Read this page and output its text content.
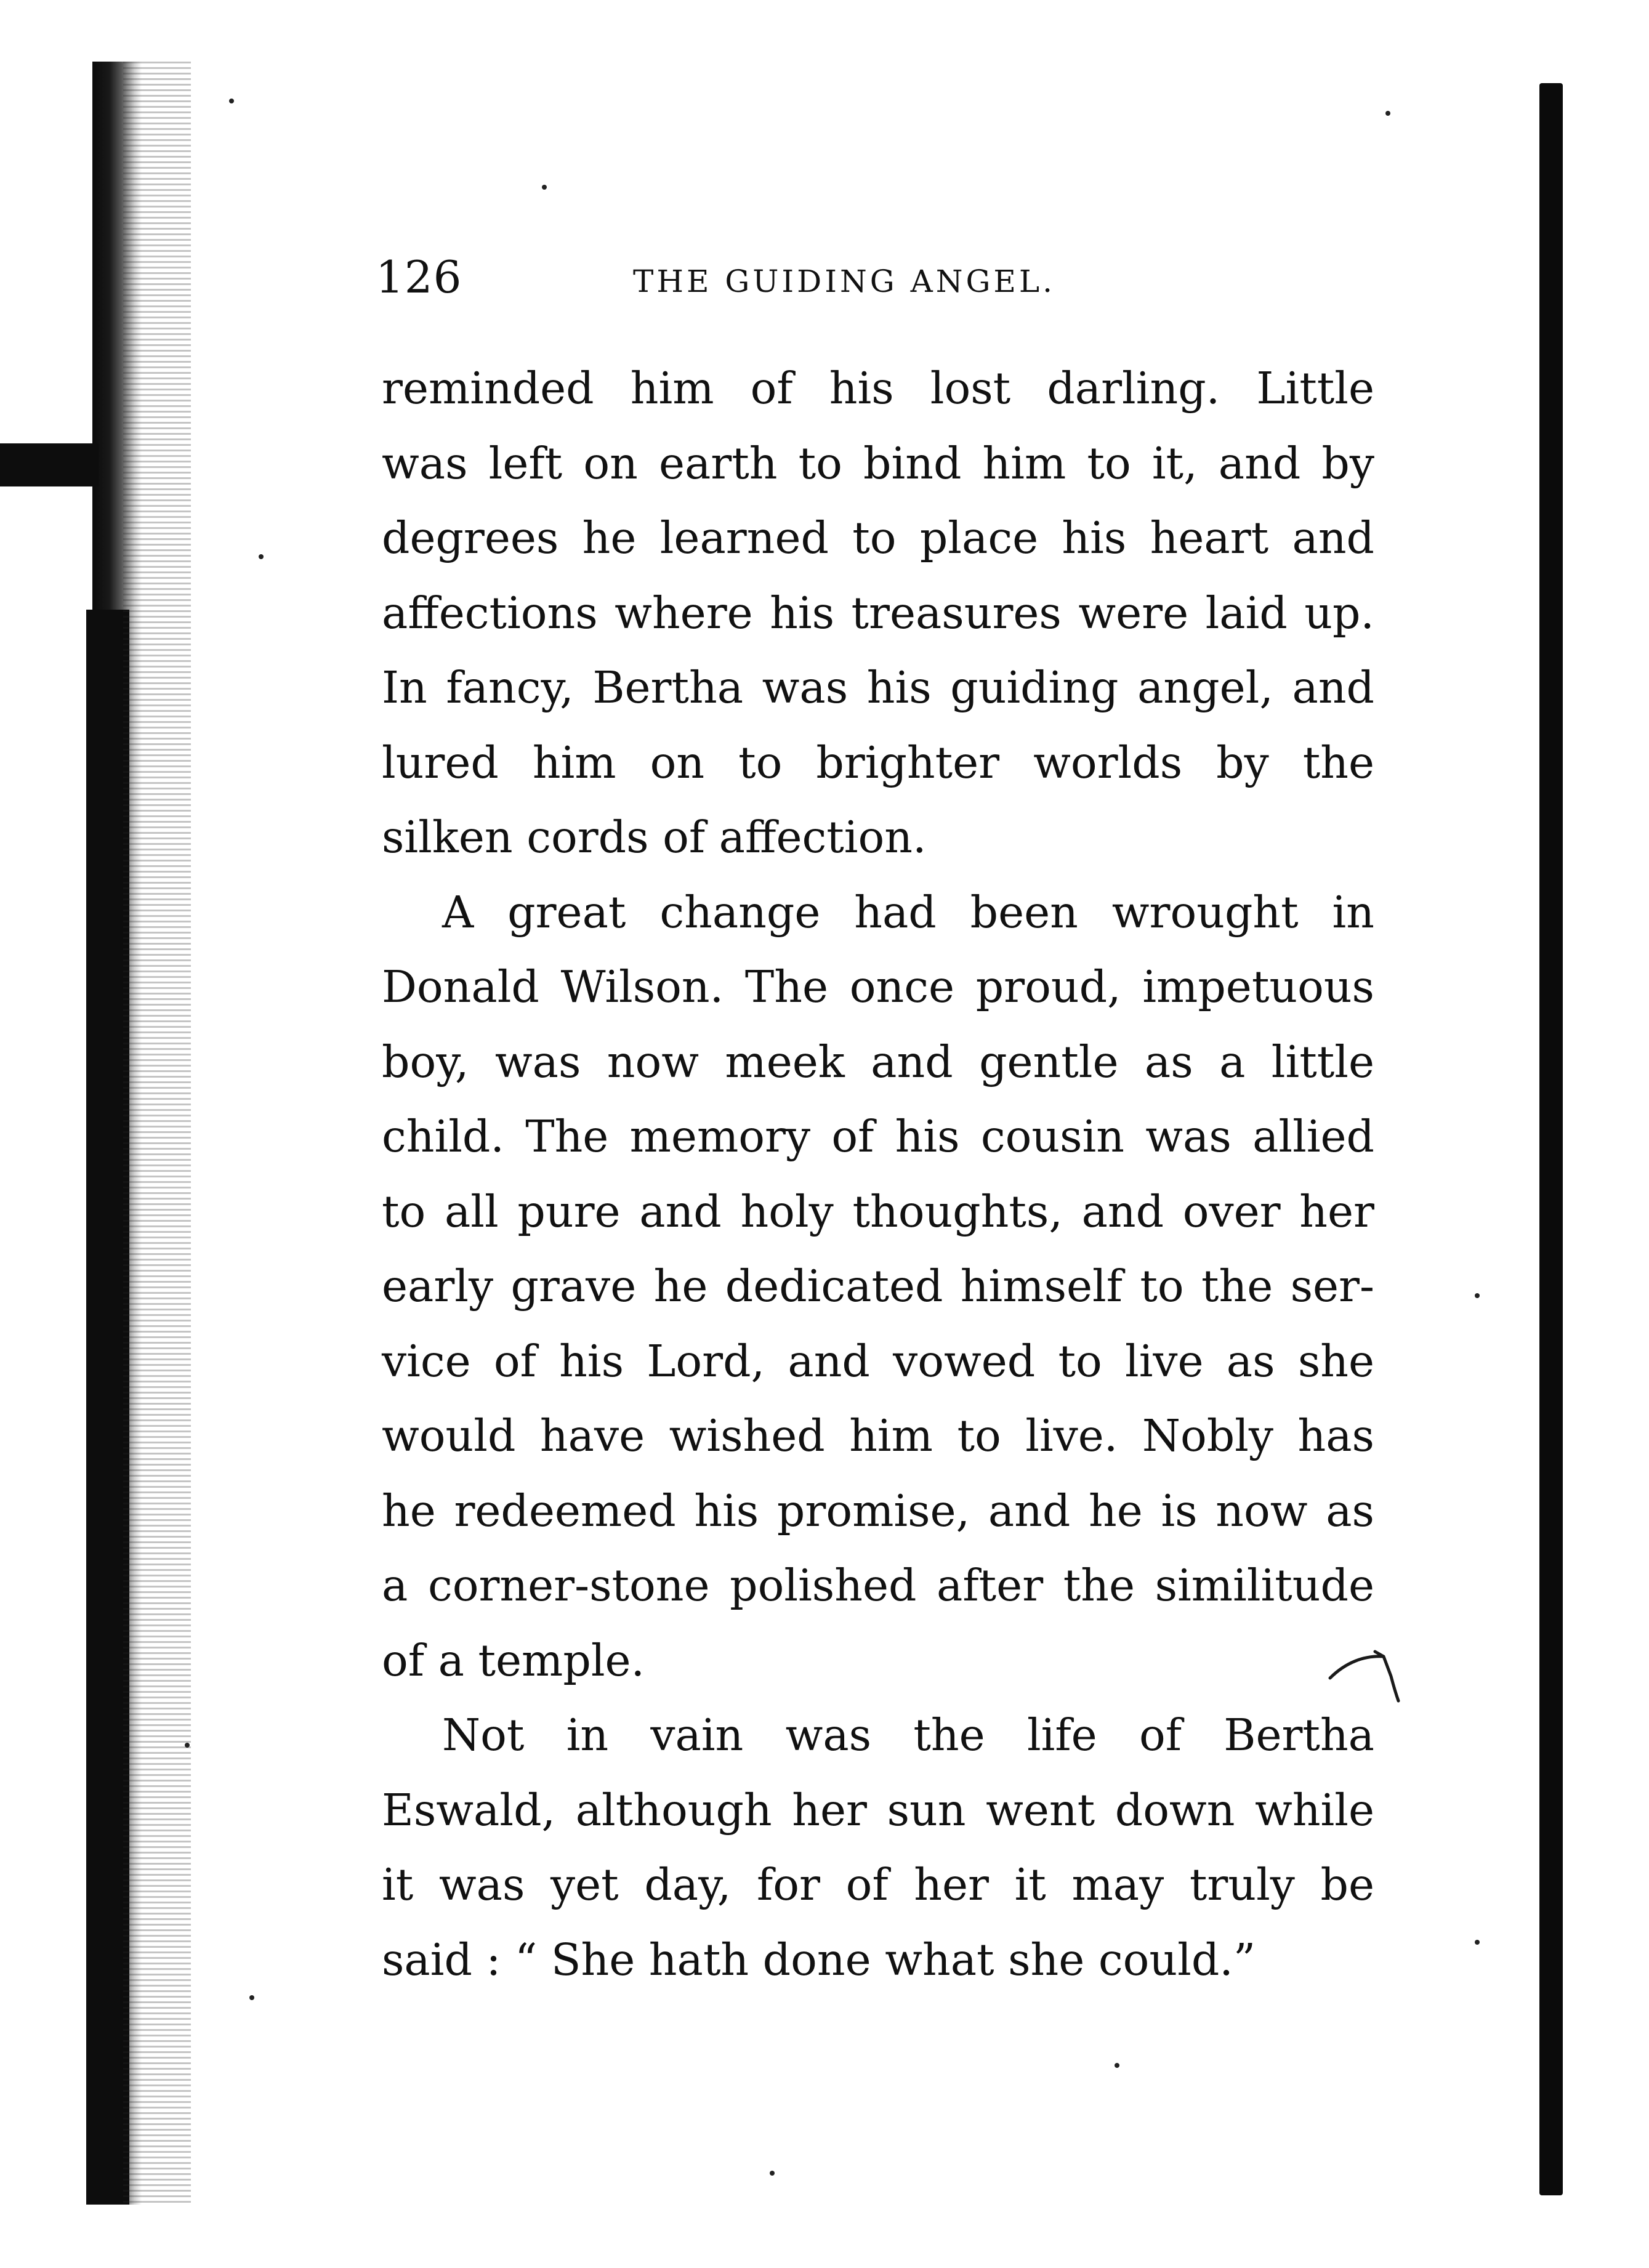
126	THE GUIDING ANGEL.
reminded him of his lost darling. Little
was left on earth to bind him to it, and by
degrees he learned to place his heart and
affections where his treasures were laid up.
In fancy, Bertha was his guiding angel, and
lured him on to brighter worlds by the
silken cords of affection.
A great change had been wrought in
Donald Wilson. The once proud, impetuous
boy, was now meek and gentle as a little
child. The memory of his cousin was allied
to all pure and holy thoughts, and over her
early grave he dedicated himself to the ser-
vice of his Lord, and vowed to live as she
would have wished him to live. Nobly has
he redeemed his promise, and he is now as
a corner-stone polished after the similitude
of a temple.
Not in vain was the life of Bertha
Eswald, although her sun went down while
it was yet day, for of her it may truly be
said : “ She hath done what she could.”
